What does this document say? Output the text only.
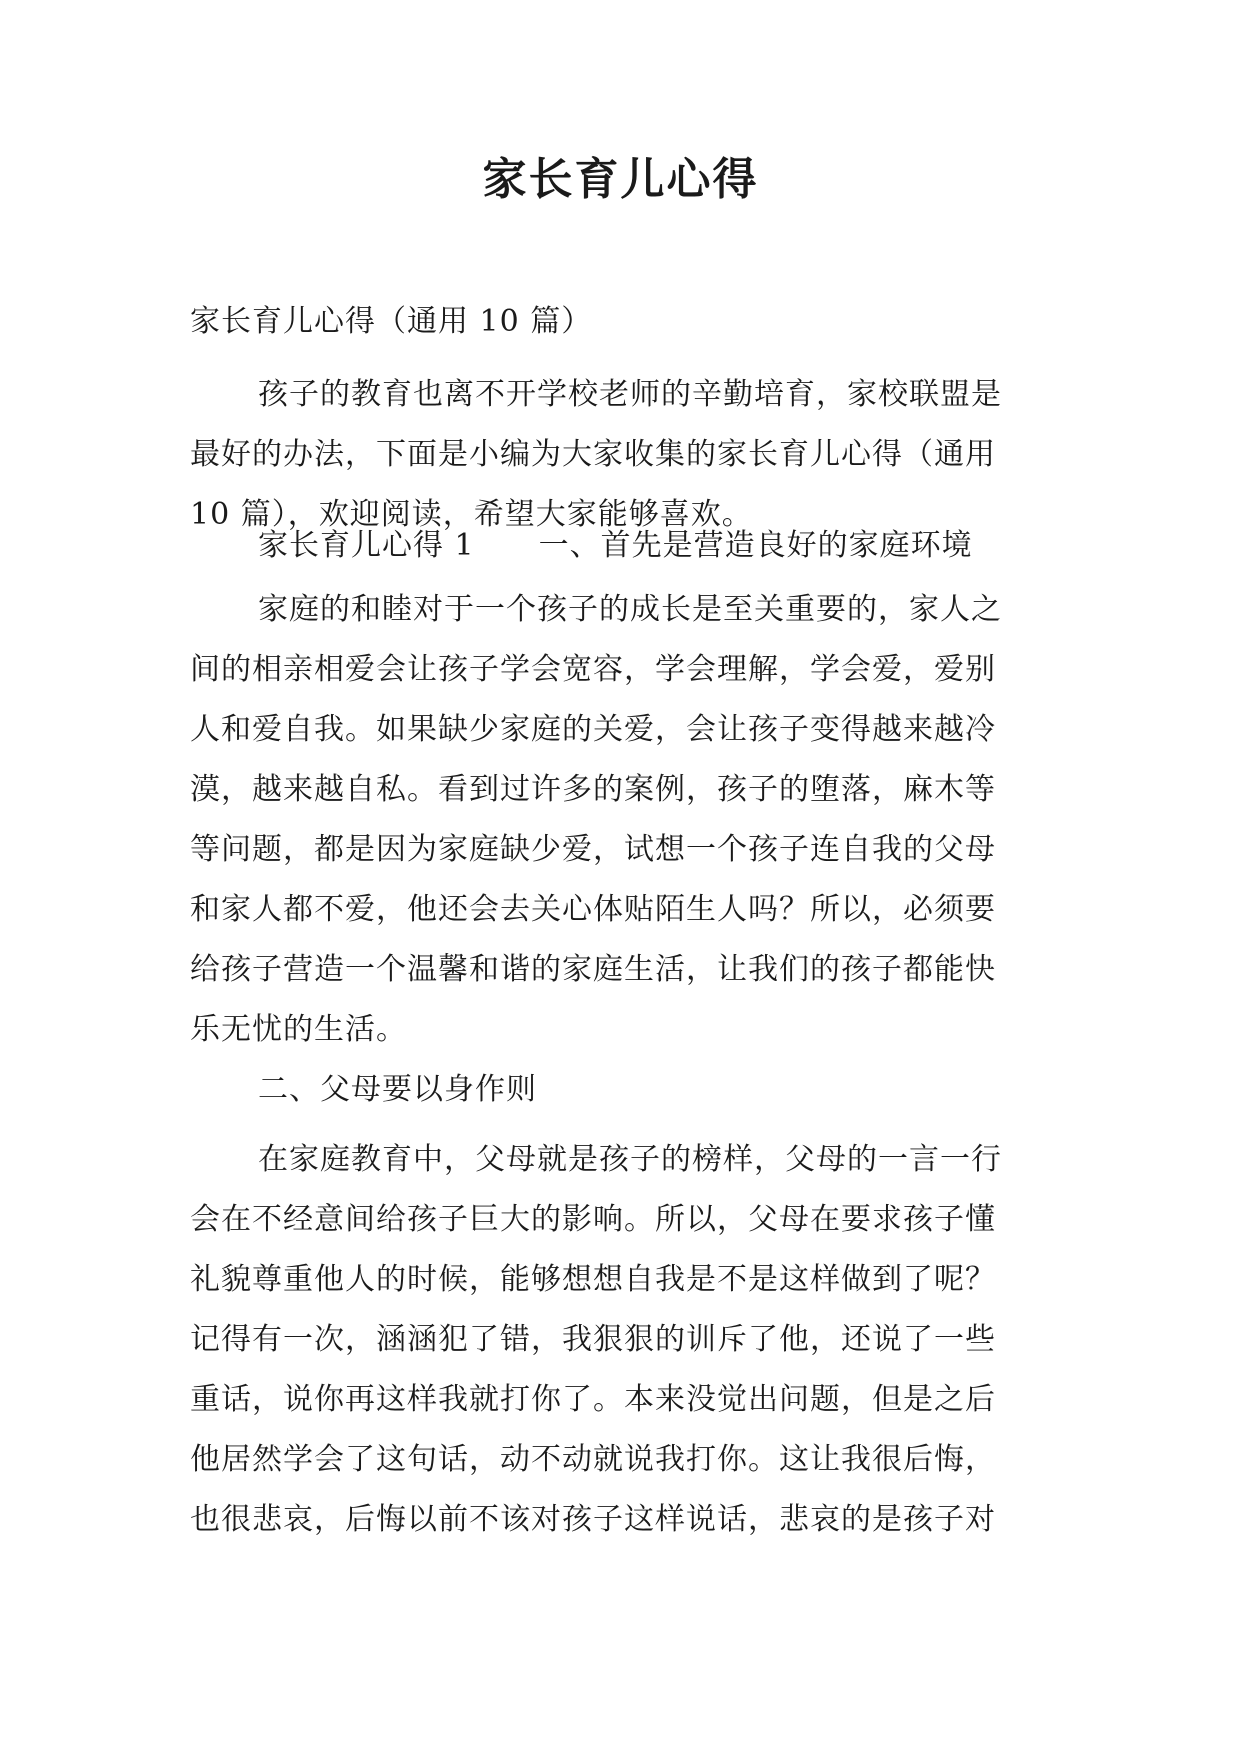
家长育儿心得
家长育儿心得（通用 10 篇）
孩子的教育也离不开学校老师的辛勤培育，家校联盟是
最好的办法，下面是小编为大家收集的家长育儿心得（通用
10 篇），欢迎阅读，希望大家能够喜欢。
家长育儿心得 1 一、首先是营造良好的家庭环境
家庭的和睦对于一个孩子的成长是至关重要的，家人之
间的相亲相爱会让孩子学会宽容，学会理解，学会爱，爱别
人和爱自我。如果缺少家庭的关爱，会让孩子变得越来越冷
漠，越来越自私。看到过许多的案例，孩子的堕落，麻木等
等问题，都是因为家庭缺少爱，试想一个孩子连自我的父母
和家人都不爱，他还会去关心体贴陌生人吗？所以，必须要
给孩子营造一个温馨和谐的家庭生活，让我们的孩子都能快
乐无忧的生活。
二、父母要以身作则
在家庭教育中，父母就是孩子的榜样，父母的一言一行
会在不经意间给孩子巨大的影响。所以，父母在要求孩子懂
礼貌尊重他人的时候，能够想想自我是不是这样做到了呢？
记得有一次，涵涵犯了错，我狠狠的训斥了他，还说了一些
重话，说你再这样我就打你了。本来没觉出问题，但是之后
他居然学会了这句话，动不动就说我打你。这让我很后悔，
也很悲哀，后悔以前不该对孩子这样说话，悲哀的是孩子对
